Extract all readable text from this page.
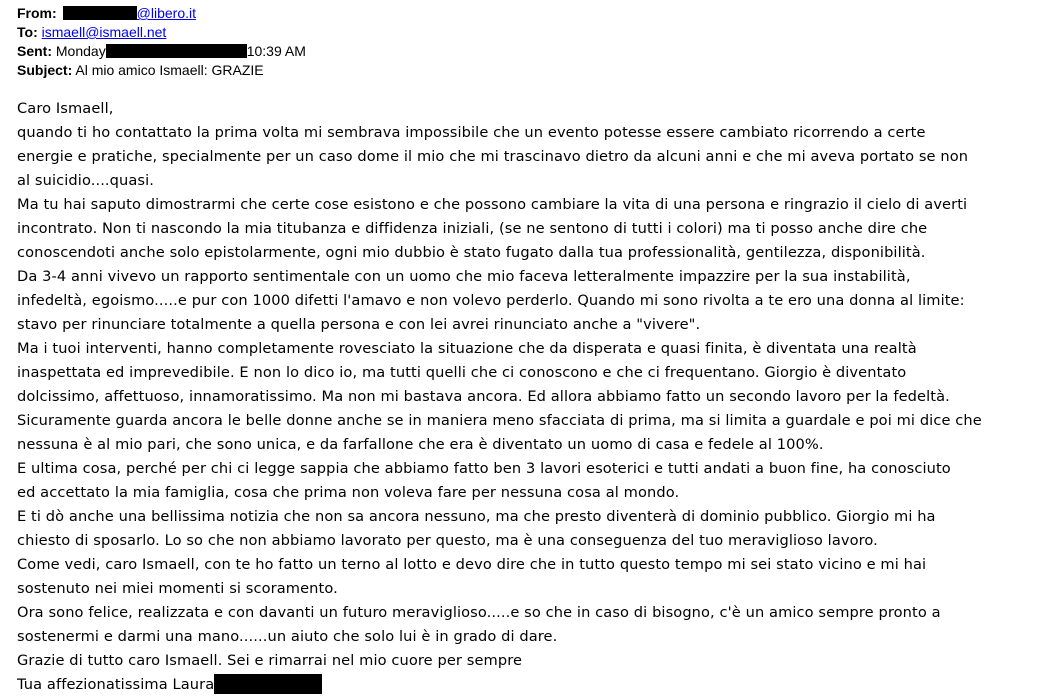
From:	@libero.it
To: ismaell@ismaell.net
Sent: Monday	10:39 AM
Subject: Al mio amico Ismaell: GRAZIE
Caro Ismaell,
quando ti ho contattato la prima volta mi sembrava impossibile che un evento potesse essere cambiato ricorrendo a certe
energie e pratiche, specialmente per un caso dome il mio che mi trascinavo dietro da alcuni anni e che mi aveva portato se non
al suicidio....quasi.
Ma tu hai saputo dimostrarmi che certe cose esistono e che possono cambiare la vita di una persona e ringrazio il cielo di averti
incontrato. Non ti nascondo la mia titubanza e diffidenza iniziali, (se ne sentono di tutti i colori) ma ti posso anche dire che
conoscendoti anche solo epistolarmente, ogni mio dubbio è stato fugato dalla tua professionalità, gentilezza, disponibilità.
Da 3-4 anni vivevo un rapporto sentimentale con un uomo che mio faceva letteralmente impazzire per la sua instabilità,
infedeltà, egoismo.....e pur con 1000 difetti l'amavo e non volevo perderlo. Quando mi sono rivolta a te ero una donna al limite:
stavo per rinunciare totalmente a quella persona e con lei avrei rinunciato anche a "vivere".
Ma i tuoi interventi, hanno completamente rovesciato la situazione che da disperata e quasi finita, è diventata una realtà
inaspettata ed imprevedibile. E non lo dico io, ma tutti quelli che ci conoscono e che ci frequentano. Giorgio è diventato
dolcissimo, affettuoso, innamoratissimo. Ma non mi bastava ancora. Ed allora abbiamo fatto un secondo lavoro per la fedeltà.
Sicuramente guarda ancora le belle donne anche se in maniera meno sfacciata di prima, ma si limita a guardale e poi mi dice che
nessuna è al mio pari, che sono unica, e da farfallone che era è diventato un uomo di casa e fedele al 100%.
E ultima cosa, perché per chi ci legge sappia che abbiamo fatto ben 3 lavori esoterici e tutti andati a buon fine, ha conosciuto
ed accettato la mia famiglia, cosa che prima non voleva fare per nessuna cosa al mondo.
E ti dò anche una bellissima notizia che non sa ancora nessuno, ma che presto diventerà di dominio pubblico. Giorgio mi ha
chiesto di sposarlo. Lo so che non abbiamo lavorato per questo, ma è una conseguenza del tuo meraviglioso lavoro.
Come vedi, caro Ismaell, con te ho fatto un terno al lotto e devo dire che in tutto questo tempo mi sei stato vicino e mi hai
sostenuto nei miei momenti si scoramento.
Ora sono felice, realizzata e con davanti un futuro meraviglioso.....e so che in caso di bisogno, c'è un amico sempre pronto a
sostenermi e darmi una mano......un aiuto che solo lui è in grado di dare.
Grazie di tutto caro Ismaell. Sei e rimarrai nel mio cuore per sempre
Tua affezionatissima Laura
